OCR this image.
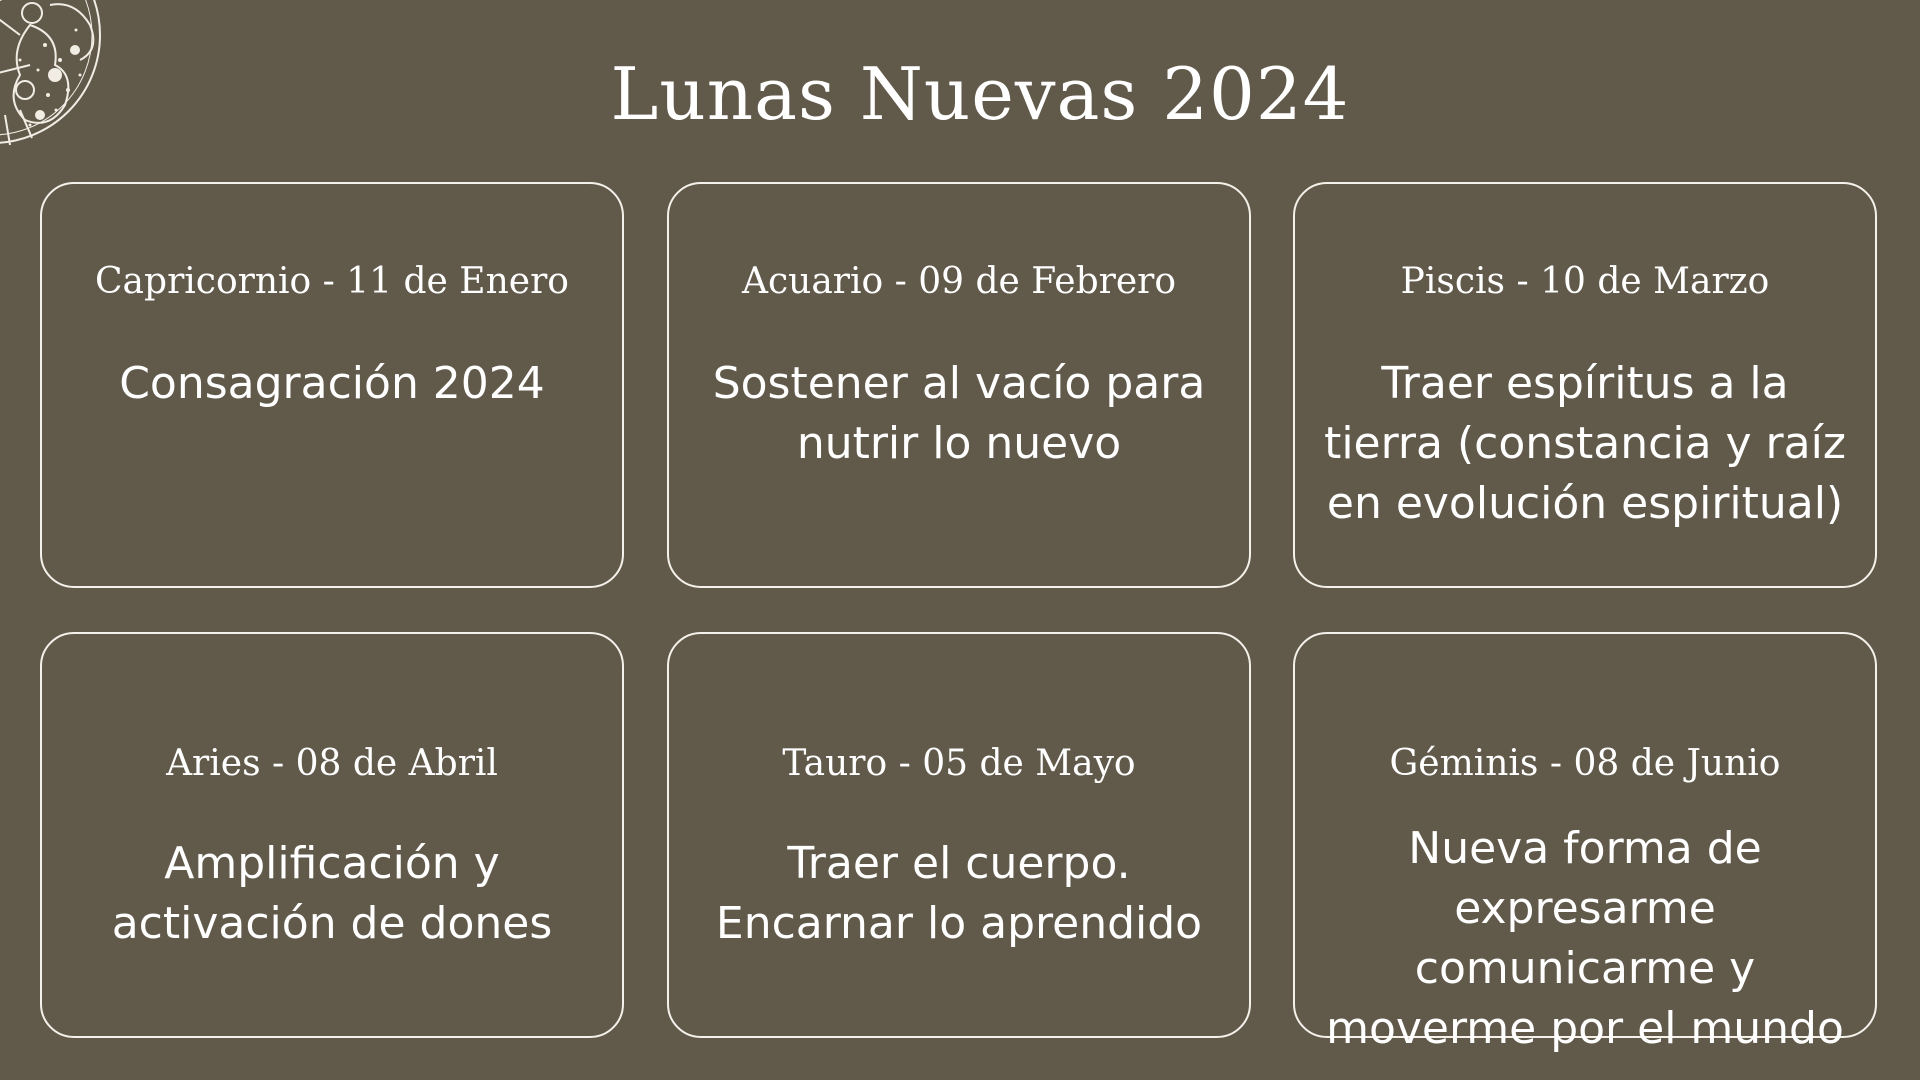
Lunas Nuevas 2024
Capricornio - 11 de Enero
Consagración 2024
Acuario - 09 de Febrero
Sostener al vacío para nutrir lo nuevo
Piscis - 10 de Marzo
Traer espíritus a la tierra (constancia y raíz en evolución espiritual)
Aries - 08 de Abril
Amplificación y activación de dones
Tauro - 05 de Mayo
Traer el cuerpo. Encarnar lo aprendido
Géminis - 08 de Junio
Nueva forma de expresarme comunicarme y moverme por el mundo
